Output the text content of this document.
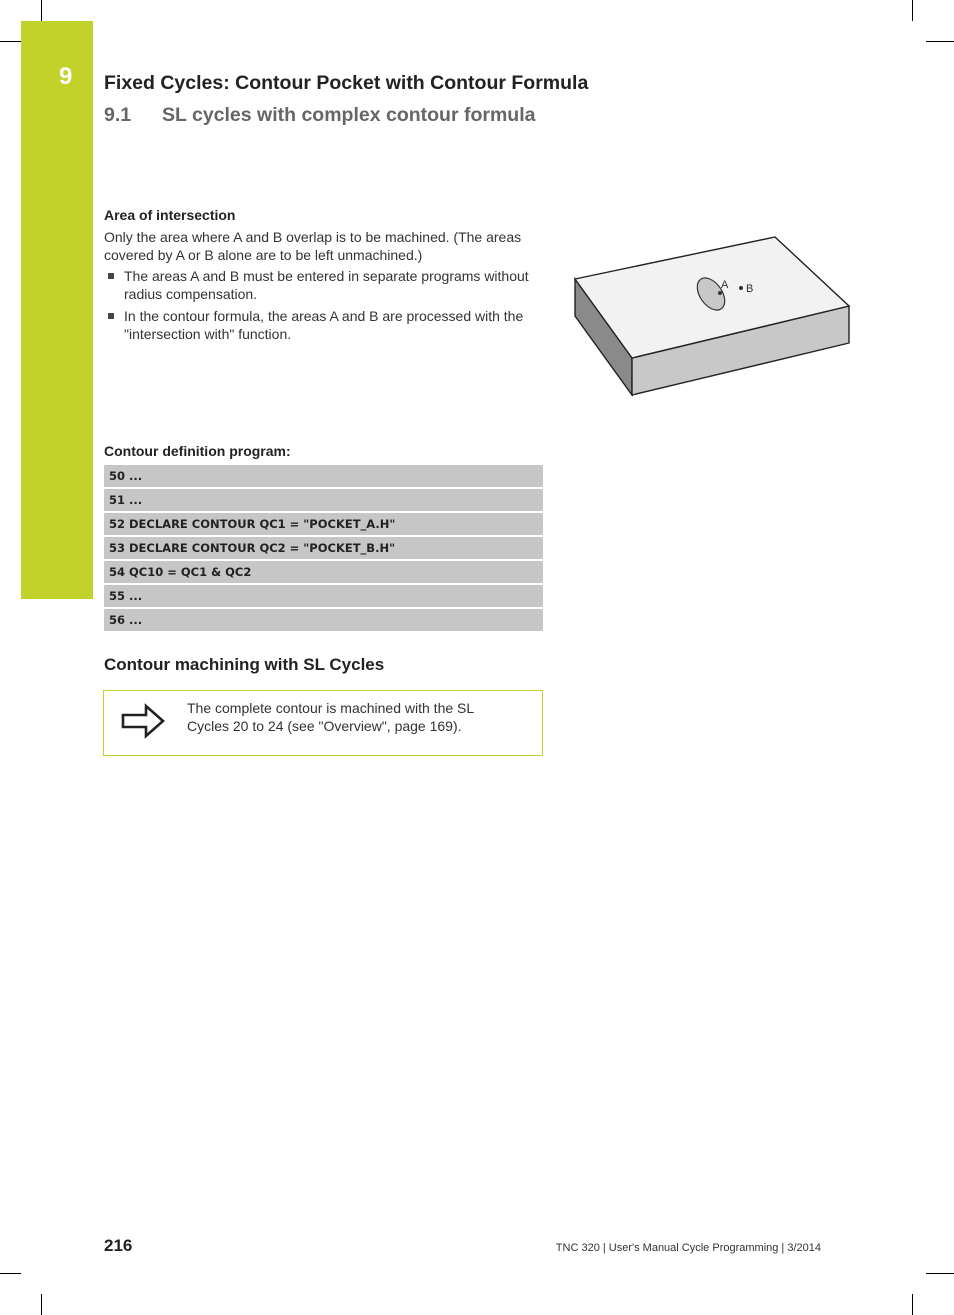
9	Fixed Cycles: Contour Pocket with Contour Formula
9.1 SL cycles with complex contour formula
Area of intersection

Only the area where A and B overlap is to be machined. (The areas covered by A or B alone are to be left unmachined.)

The areas A and B must be entered in separate programs without radius compensation.
In the contour formula, the areas A and B are processed with the "intersection with" function.
A B
Contour definition program:
50 ...
51 ...
52 DECLARE CONTOUR QC1 = "POCKET_A.H"
53 DECLARE CONTOUR QC2 = "POCKET_B.H"
54 QC10 = QC1 & QC2
55 ...
56 ...
Contour machining with SL Cycles

The complete contour is machined with the SL Cycles 20 to 24 (see "Overview", page 169).

216	TNC 320 | User's Manual Cycle Programming | 3/2014
